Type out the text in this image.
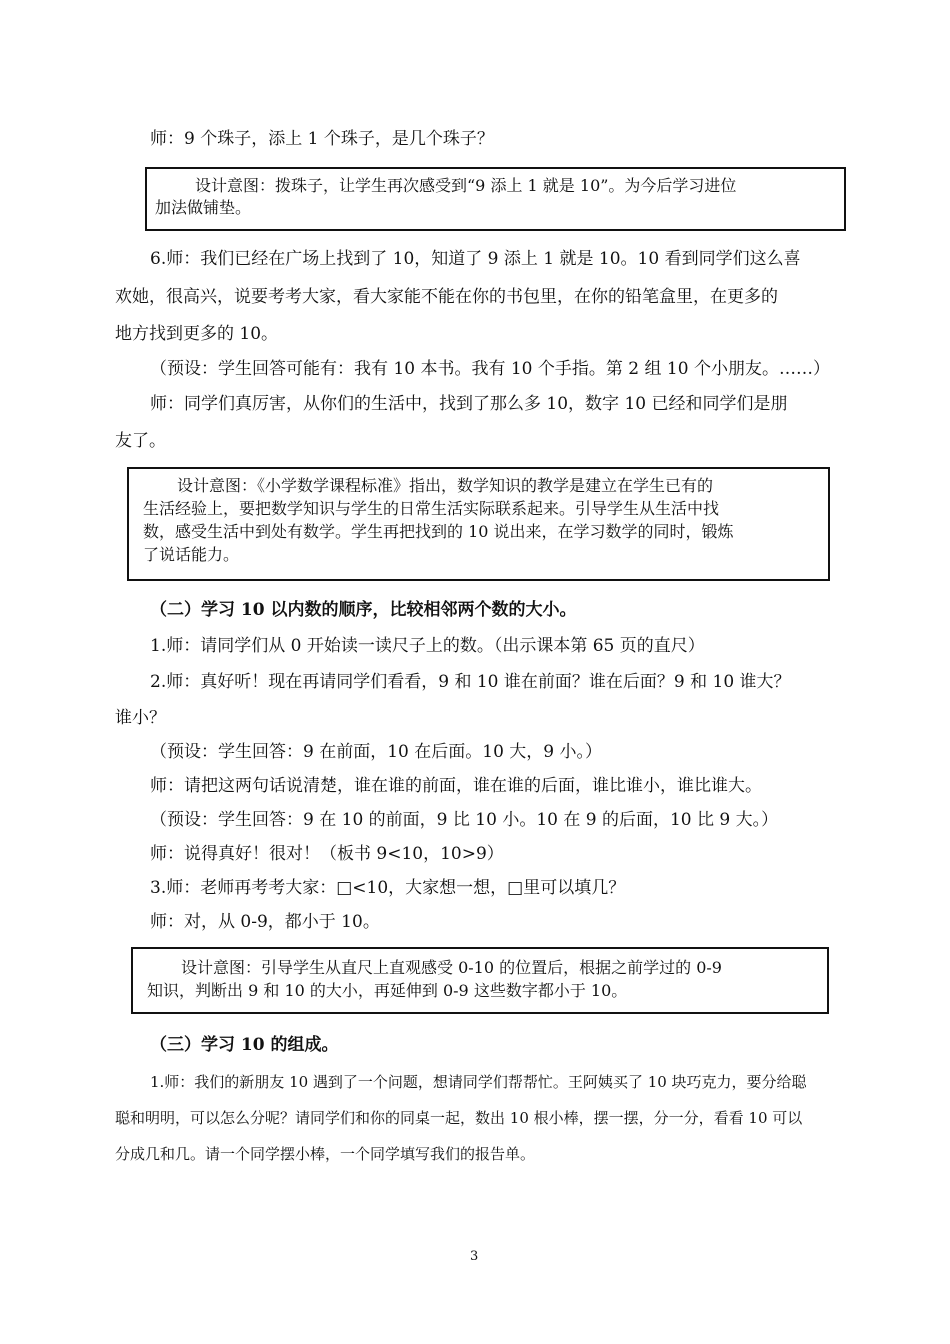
师：9 个珠子，添上 1 个珠子，是几个珠子？
设计意图：拨珠子，让学生再次感受到“9 添上 1 就是 10”。为今后学习进位
加法做铺垫。
6.师：我们已经在广场上找到了 10，知道了 9 添上 1 就是 10。10 看到同学们这么喜
欢她，很高兴，说要考考大家，看大家能不能在你的书包里，在你的铅笔盒里，在更多的
地方找到更多的 10。
（预设：学生回答可能有：我有 10 本书。我有 10 个手指。第 2 组 10 个小朋友。……）
师：同学们真厉害，从你们的生活中，找到了那么多 10，数字 10 已经和同学们是朋
友了。
设计意图：《小学数学课程标准》指出，数学知识的教学是建立在学生已有的
生活经验上，要把数学知识与学生的日常生活实际联系起来。引导学生从生活中找
数，感受生活中到处有数学。学生再把找到的 10 说出来，在学习数学的同时，锻炼
了说话能力。
（二）学习 10 以内数的顺序，比较相邻两个数的大小。
1.师：请同学们从 0 开始读一读尺子上的数。（出示课本第 65 页的直尺）
2.师：真好听！现在再请同学们看看，9 和 10 谁在前面？谁在后面？9 和 10 谁大？
谁小？
（预设：学生回答：9 在前面，10 在后面。10 大，9 小。）
师：请把这两句话说清楚，谁在谁的前面，谁在谁的后面，谁比谁小，谁比谁大。
（预设：学生回答：9 在 10 的前面，9 比 10 小。10 在 9 的后面，10 比 9 大。）
师：说得真好！很对！（板书 9<10，10>9）
3.师：老师再考考大家：□<10，大家想一想，□里可以填几？
师：对，从 0-9，都小于 10。
设计意图：引导学生从直尺上直观感受 0-10 的位置后，根据之前学过的 0-9
知识，判断出 9 和 10 的大小，再延伸到 0-9 这些数字都小于 10。
（三）学习 10 的组成。
1.师：我们的新朋友 10 遇到了一个问题，想请同学们帮帮忙。王阿姨买了 10 块巧克力，要分给聪
聪和明明，可以怎么分呢？请同学们和你的同桌一起，数出 10 根小棒，摆一摆，分一分，看看 10 可以
分成几和几。请一个同学摆小棒，一个同学填写我们的报告单。
3
